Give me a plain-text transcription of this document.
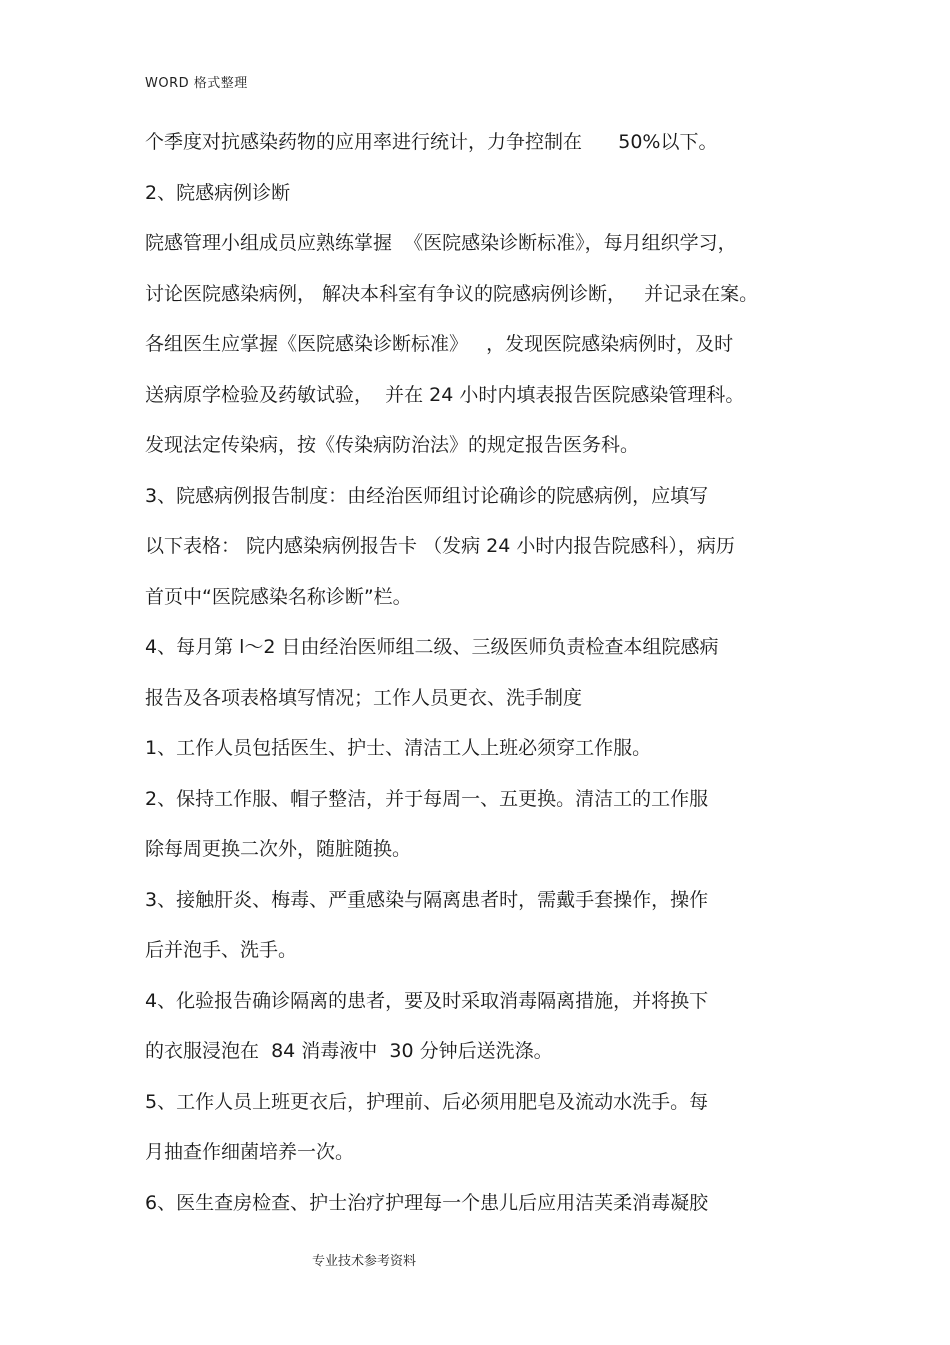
WORD 格式整理
个季度对抗感染药物的应用率进行统计，力争控制在      50%以下。
2、院感病例诊断
院感管理小组成员应熟练掌握  《医院感染诊断标准》，每月组织学习，
讨论医院感染病例， 解决本科室有争议的院感病例诊断，   并记录在案。
各组医生应掌握《医院感染诊断标准》   ，发现医院感染病例时，及时
送病原学检验及药敏试验，  并在 24 小时内填表报告医院感染管理科。
发现法定传染病，按《传染病防治法》的规定报告医务科。
3、院感病例报告制度：由经治医师组讨论确诊的院感病例，应填写
以下表格： 院内感染病例报告卡 （发病 24 小时内报告院感科），病历
首页中“医院感染名称诊断”栏。
4、每月第 l～2 日由经治医师组二级、三级医师负责检查本组院感病
报告及各项表格填写情况；工作人员更衣、洗手制度
1、工作人员包括医生、护士、清洁工人上班必须穿工作服。
2、保持工作服、帽子整洁，并于每周一、五更换。清洁工的工作服
除每周更换二次外，随脏随换。
3、接触肝炎、梅毒、严重感染与隔离患者时，需戴手套操作，操作
后并泡手、洗手。
4、化验报告确诊隔离的患者，要及时采取消毒隔离措施，并将换下
的衣服浸泡在  84 消毒液中  30 分钟后送洗涤。
5、工作人员上班更衣后，护理前、后必须用肥皂及流动水洗手。每
月抽查作细菌培养一次。
6、医生查房检查、护士治疗护理每一个患儿后应用洁芙柔消毒凝胶
专业技术参考资料
